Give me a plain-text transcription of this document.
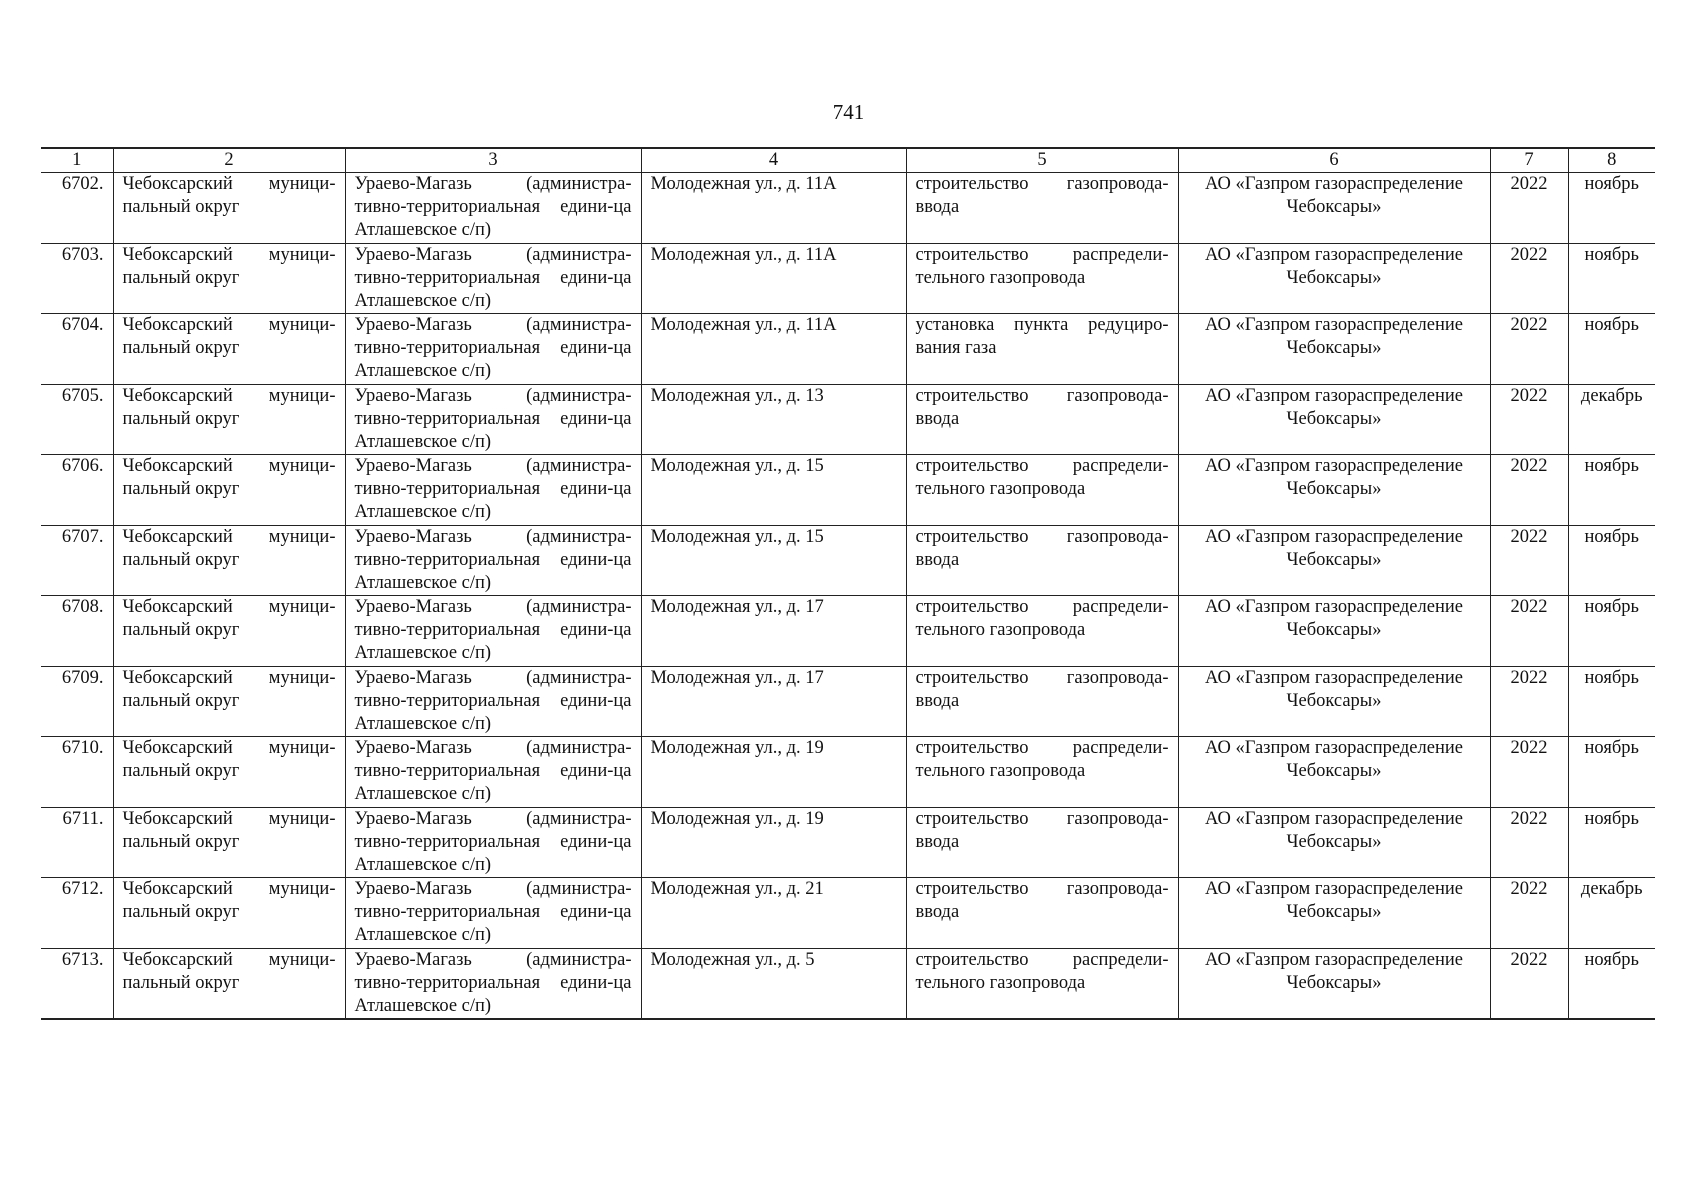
741
1	2	3	4	5	6	7	8
6702.	Чебоксарский муници-пальный округ	Ураево-Магазь (администра-тивно-территориальная едини-ца Атлашевское с/п)	Молодежная ул., д. 11А	строительство газопровода-ввода	АО «Газпром газораспределение Чебоксары»	2022	ноябрь
6703.	Чебоксарский муници-пальный округ	Ураево-Магазь (администра-тивно-территориальная едини-ца Атлашевское с/п)	Молодежная ул., д. 11А	строительство распредели-тельного газопровода	АО «Газпром газораспределение Чебоксары»	2022	ноябрь
6704.	Чебоксарский муници-пальный округ	Ураево-Магазь (администра-тивно-территориальная едини-ца Атлашевское с/п)	Молодежная ул., д. 11А	установка пункта редуциро-вания газа	АО «Газпром газораспределение Чебоксары»	2022	ноябрь
6705.	Чебоксарский муници-пальный округ	Ураево-Магазь (администра-тивно-территориальная едини-ца Атлашевское с/п)	Молодежная ул., д. 13	строительство газопровода-ввода	АО «Газпром газораспределение Чебоксары»	2022	декабрь
6706.	Чебоксарский муници-пальный округ	Ураево-Магазь (администра-тивно-территориальная едини-ца Атлашевское с/п)	Молодежная ул., д. 15	строительство распредели-тельного газопровода	АО «Газпром газораспределение Чебоксары»	2022	ноябрь
6707.	Чебоксарский муници-пальный округ	Ураево-Магазь (администра-тивно-территориальная едини-ца Атлашевское с/п)	Молодежная ул., д. 15	строительство газопровода-ввода	АО «Газпром газораспределение Чебоксары»	2022	ноябрь
6708.	Чебоксарский муници-пальный округ	Ураево-Магазь (администра-тивно-территориальная едини-ца Атлашевское с/п)	Молодежная ул., д. 17	строительство распредели-тельного газопровода	АО «Газпром газораспределение Чебоксары»	2022	ноябрь
6709.	Чебоксарский муници-пальный округ	Ураево-Магазь (администра-тивно-территориальная едини-ца Атлашевское с/п)	Молодежная ул., д. 17	строительство газопровода-ввода	АО «Газпром газораспределение Чебоксары»	2022	ноябрь
6710.	Чебоксарский муници-пальный округ	Ураево-Магазь (администра-тивно-территориальная едини-ца Атлашевское с/п)	Молодежная ул., д. 19	строительство распредели-тельного газопровода	АО «Газпром газораспределение Чебоксары»	2022	ноябрь
6711.	Чебоксарский муници-пальный округ	Ураево-Магазь (администра-тивно-территориальная едини-ца Атлашевское с/п)	Молодежная ул., д. 19	строительство газопровода-ввода	АО «Газпром газораспределение Чебоксары»	2022	ноябрь
6712.	Чебоксарский муници-пальный округ	Ураево-Магазь (администра-тивно-территориальная едини-ца Атлашевское с/п)	Молодежная ул., д. 21	строительство газопровода-ввода	АО «Газпром газораспределение Чебоксары»	2022	декабрь
6713.	Чебоксарский муници-пальный округ	Ураево-Магазь (администра-тивно-территориальная едини-ца Атлашевское с/п)	Молодежная ул., д. 5	строительство распредели-тельного газопровода	АО «Газпром газораспределение Чебоксары»	2022	ноябрь
